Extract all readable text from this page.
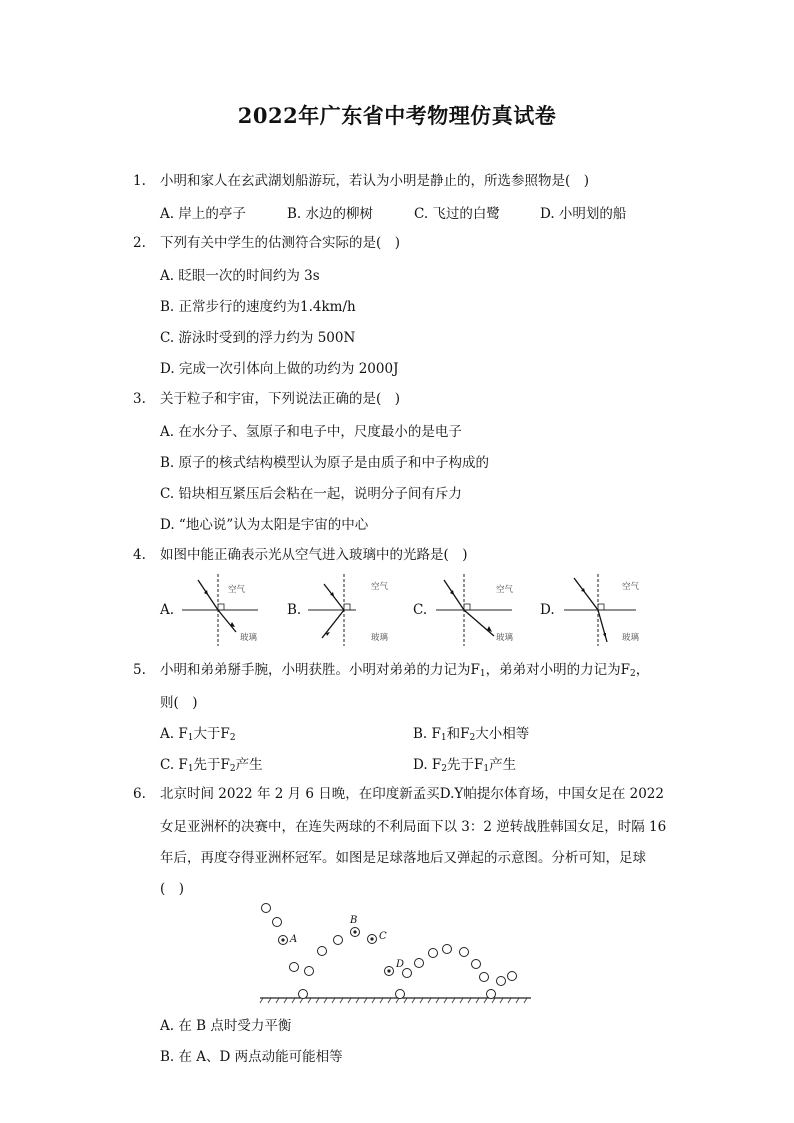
2022年广东省中考物理仿真试卷
1. 小明和家人在玄武湖划船游玩，若认为小明是静止的，所选参照物是(　)
A. 岸上的亭子	B. 水边的柳树	C. 飞过的白鹭	D. 小明划的船
2. 下列有关中学生的估测符合实际的是(　)
A. 眨眼一次的时间约为 3s
B. 正常步行的速度约为1.4km/h
C. 游泳时受到的浮力约为 500N
D. 完成一次引体向上做的功约为 2000J
3. 关于粒子和宇宙，下列说法正确的是(　)
A. 在水分子、氢原子和电子中，尺度最小的是电子
B. 原子的核式结构模型认为原子是由质子和中子构成的
C. 铅块相互紧压后会粘在一起，说明分子间有斥力
D. “地心说”认为太阳是宇宙的中心
4. 如图中能正确表示光从空气进入玻璃中的光路是(　)
A.
空气
玻璃
B.
空气
玻璃
C.
空气
玻璃
D.
空气
玻璃
5. 小明和弟弟掰手腕，小明获胜。小明对弟弟的力记为$F_1$，弟弟对小明的力记为$F_2$，
则(　)
A. $F_1$大于$F_2$	B. $F_1$和$F_2$大小相等
C. $F_1$先于$F_2$产生	D. $F_2$先于$F_1$产生
6. 北京时间 2022 年 2 月 6 日晚，在印度新孟买D.Y帕提尔体育场，中国女足在 2022
女足亚洲杯的决赛中，在连失两球的不利局面下以 3：2 逆转战胜韩国女足，时隔 16
年后，再度夺得亚洲杯冠军。如图是足球落地后又弹起的示意图。分析可知，足球
(　)
A
B
C
D
A. 在 B 点时受力平衡
B. 在 A、D 两点动能可能相等
